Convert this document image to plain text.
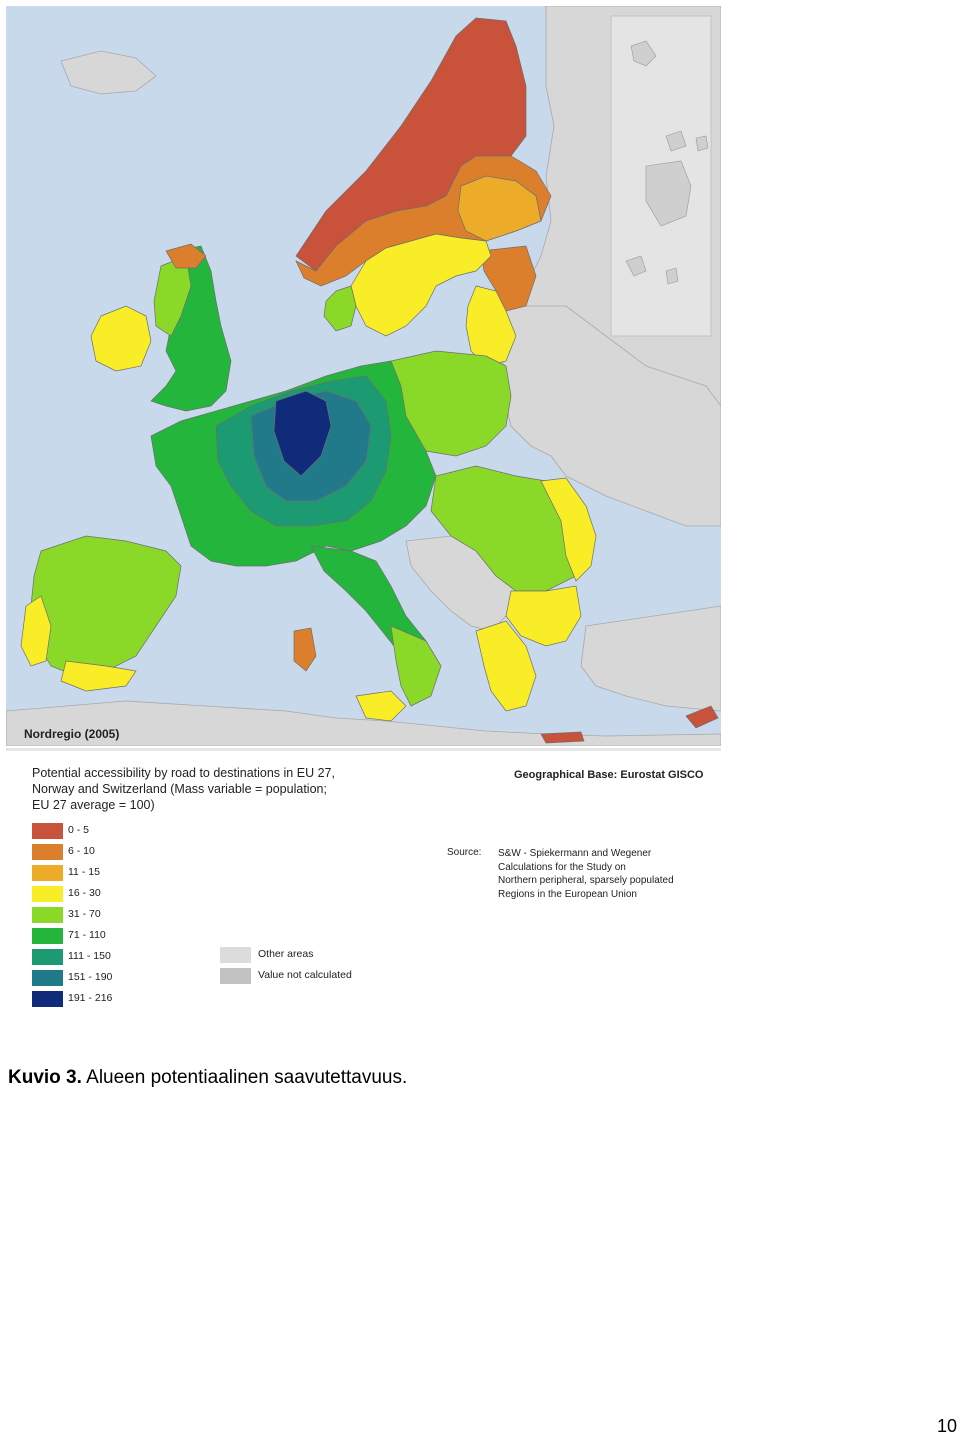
Nordregio (2005)
Potential accessibility by road to destinations in EU 27,
Norway and Switzerland (Mass variable = population;
EU 27 average = 100)
Geographical Base: Eurostat GISCO
0 - 5
6 - 10
11 - 15
16 - 30
31 - 70
71 - 110
111 - 150
151 - 190
191 - 216
Other areas
Value not calculated
Source: S&W - Spiekermann and Wegener
Calculations for the Study on
Northern peripheral, sparsely populated
Regions in the European Union
Kuvio 3. Alueen potentiaalinen saavutettavuus.
10
